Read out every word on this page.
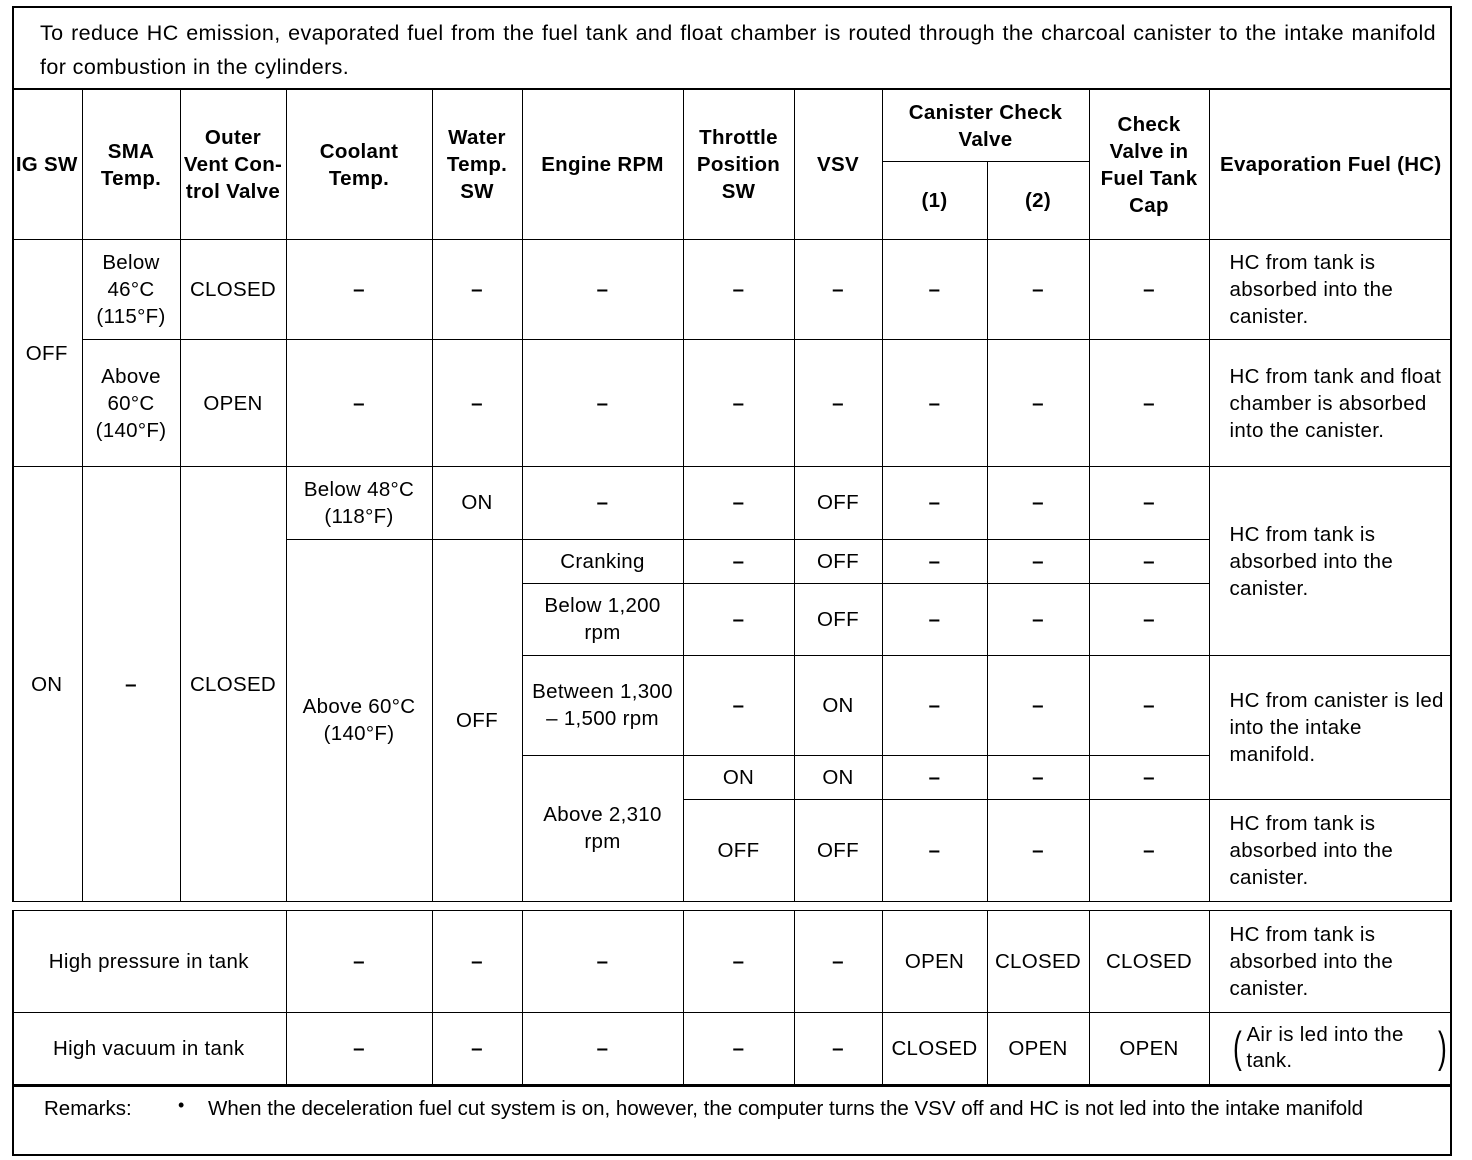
To reduce HC emission, evaporated fuel from the fuel tank and float chamber is routed through the charcoal canister to the intake manifold for combustion in the cylinders.
IG SW	SMA Temp.	Outer Vent Con- trol Valve	Coolant Temp.	Water Temp. SW	Engine RPM	Throttle Position SW	VSV	Canister Check Valve		Check Valve in Fuel Tank Cap	Evaporation Fuel (HC)
								(1)	(2)		
OFF	Below 46°C (115°F)	CLOSED	–	–	–	–	–	–	–	–	HC from tank is absorbed into the canister.
	Above 60°C (140°F)	OPEN	–	–	–	–	–	–	–	–	HC from tank and float chamber is absorbed into the canister.
ON	–	CLOSED	Below 48°C (118°F)	ON	–	–	OFF	–	–	–	HC from tank is absorbed into the canister.
			Above 60°C (140°F)	OFF	Cranking	–	OFF	–	–	–	
					Below 1,200 rpm	–	OFF	–	–	–	
					Between 1,300 – 1,500 rpm	–	ON	–	–	–	HC from canister is led into the intake manifold.
					Above 2,310 rpm	ON	ON	–	–	–	
						OFF	OFF	–	–	–	HC from tank is absorbed into the canister.
High pressure in tank	–	–	–	–	–	OPEN	CLOSED	CLOSED	HC from tank is absorbed into the canister.
High vacuum in tank	–	–	–	–	–	CLOSED	OPEN	OPEN	( Air is led into the tank. )
Remarks:	• When the deceleration fuel cut system is on, however, the computer turns the VSV off and HC is not led into the intake manifold
